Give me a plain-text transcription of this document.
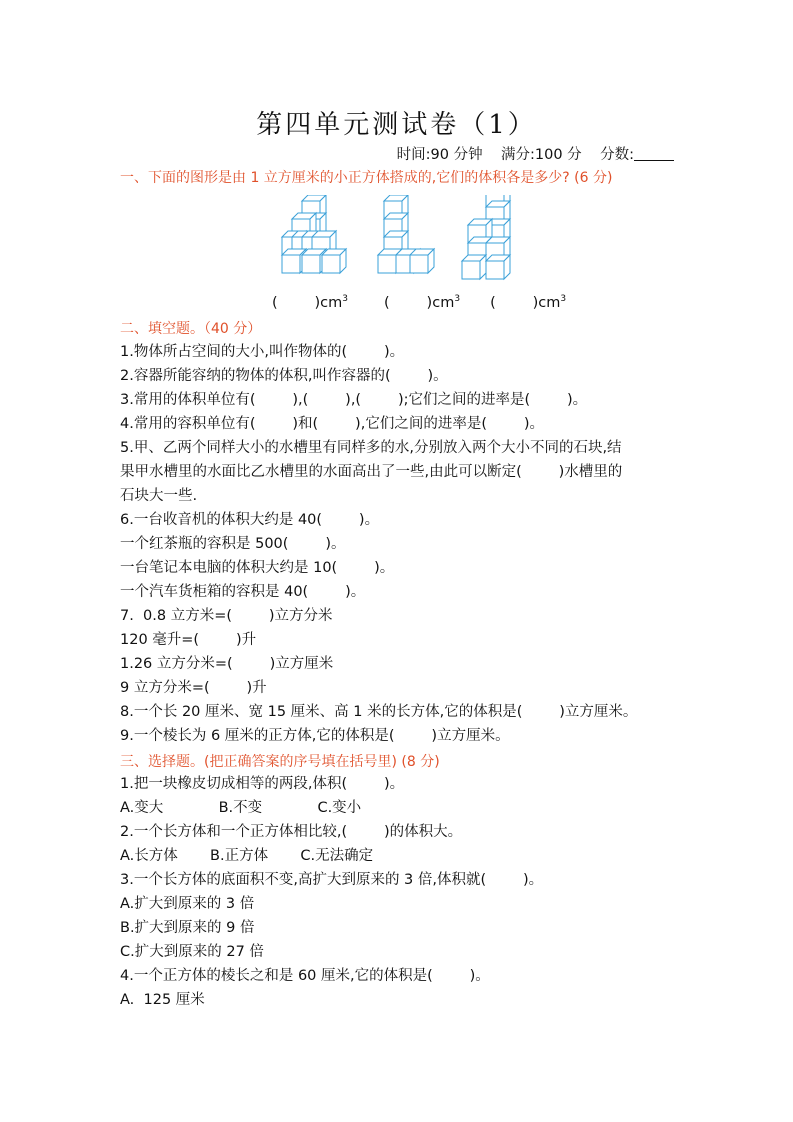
第四单元测试卷（1）
时间:90 分钟    满分:100 分    分数:
一、下面的图形是由 1 立方厘米的小正方体搭成的,它们的体积各是多少? (6 分)
(        )$cm^3$ (        )$cm^3$ (        )$cm^3$
二、填空题。（40 分）
1.物体所占空间的大小,叫作物体的(        )。
2.容器所能容纳的物体的体积,叫作容器的(        )。
3.常用的体积单位有(        ),(        ),(        );它们之间的进率是(        )。
4.常用的容积单位有(        )和(        ),它们之间的进率是(        )。
5.甲、乙两个同样大小的水槽里有同样多的水,分别放入两个大小不同的石块,结
果甲水槽里的水面比乙水槽里的水面高出了一些,由此可以断定(        )水槽里的
石块大一些.
6.一台收音机的体积大约是 40(        )。
一个红茶瓶的容积是 500(        )。
一台笔记本电脑的体积大约是 10(        )。
一个汽车货柜箱的容积是 40(        )。
7.  0.8 立方米=(        )立方分米
120 毫升=(        )升
1.26 立方分米=(        )立方厘米
9 立方分米=(        )升
8.一个长 20 厘米、宽 15 厘米、高 1 米的长方体,它的体积是(        )立方厘米。
9.一个棱长为 6 厘米的正方体,它的体积是(        )立方厘米。
三、选择题。(把正确答案的序号填在括号里) (8 分)
1.把一块橡皮切成相等的两段,体积(        )。
A.变大            B.不变            C.变小
2.一个长方体和一个正方体相比较,(        )的体积大。
A.长方体       B.正方体       C.无法确定
3.一个长方体的底面积不变,高扩大到原来的 3 倍,体积就(        )。
A.扩大到原来的 3 倍
B.扩大到原来的 9 倍
C.扩大到原来的 27 倍
4.一个正方体的棱长之和是 60 厘米,它的体积是(        )。
A.  125 厘米
